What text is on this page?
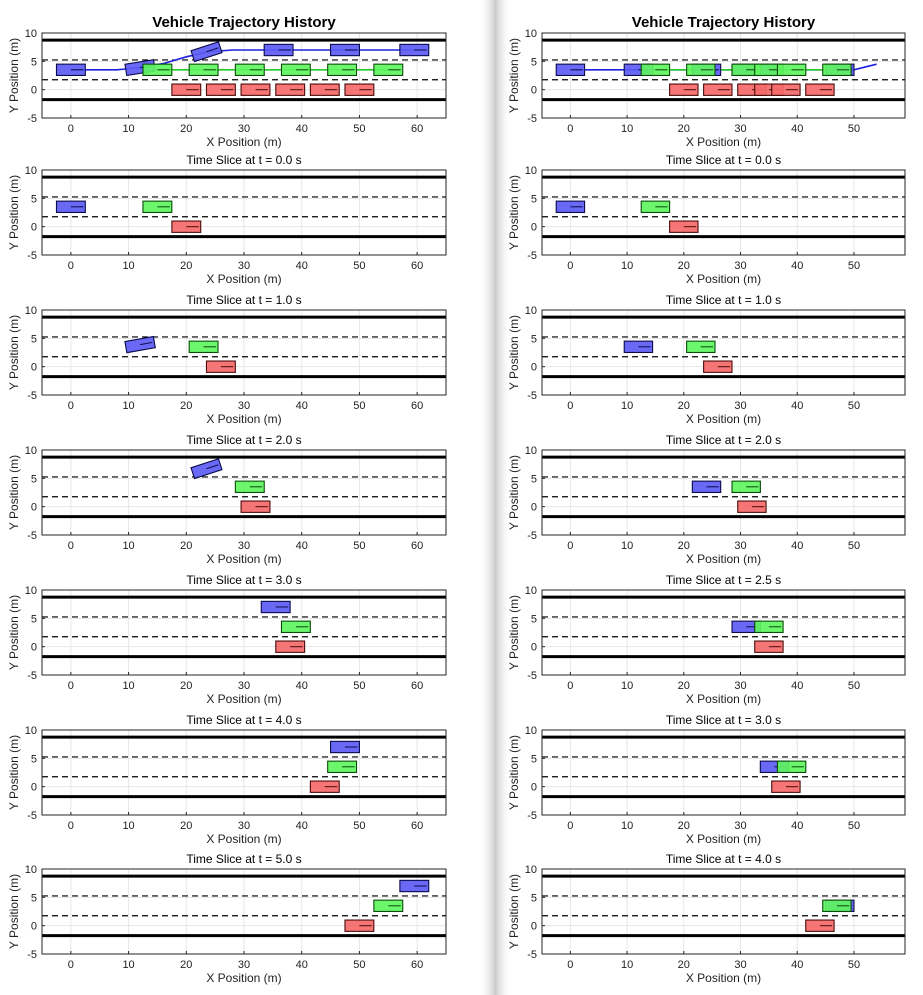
0	10	20	30	40	50	60
-5
0
5
10
Vehicle Trajectory History
X Position (m)
Y Position (m)
0	10	20	30	40	50	60
-5
0
5
10
Time Slice at t = 0.0 s
X Position (m)
Y Position (m)
0	10	20	30	40	50	60
-5
0
5
10
Time Slice at t = 1.0 s
X Position (m)
Y Position (m)
0	10	20	30	40	50	60
-5
0
5
10
Time Slice at t = 2.0 s
X Position (m)
Y Position (m)
0	10	20	30	40	50	60
-5
0
5
10
Time Slice at t = 3.0 s
X Position (m)
Y Position (m)
0	10	20	30	40	50	60
-5
0
5
10
Time Slice at t = 4.0 s
X Position (m)
Y Position (m)
0	10	20	30	40	50	60
-5
0
5
10
Time Slice at t = 5.0 s
X Position (m)
Y Position (m)
0	10	20	30	40	50
-5
0
5
10
Vehicle Trajectory History
X Position (m)
Y Position (m)
0	10	20	30	40	50
-5
0
5
10
Time Slice at t = 0.0 s
X Position (m)
Y Position (m)
0	10	20	30	40	50
-5
0
5
10
Time Slice at t = 1.0 s
X Position (m)
Y Position (m)
0	10	20	30	40	50
-5
0
5
10
Time Slice at t = 2.0 s
X Position (m)
Y Position (m)
0	10	20	30	40	50
-5
0
5
10
Time Slice at t = 2.5 s
X Position (m)
Y Position (m)
0	10	20	30	40	50
-5
0
5
10
Time Slice at t = 3.0 s
X Position (m)
Y Position (m)
0	10	20	30	40	50
-5
0
5
10
Time Slice at t = 4.0 s
X Position (m)
Y Position (m)
